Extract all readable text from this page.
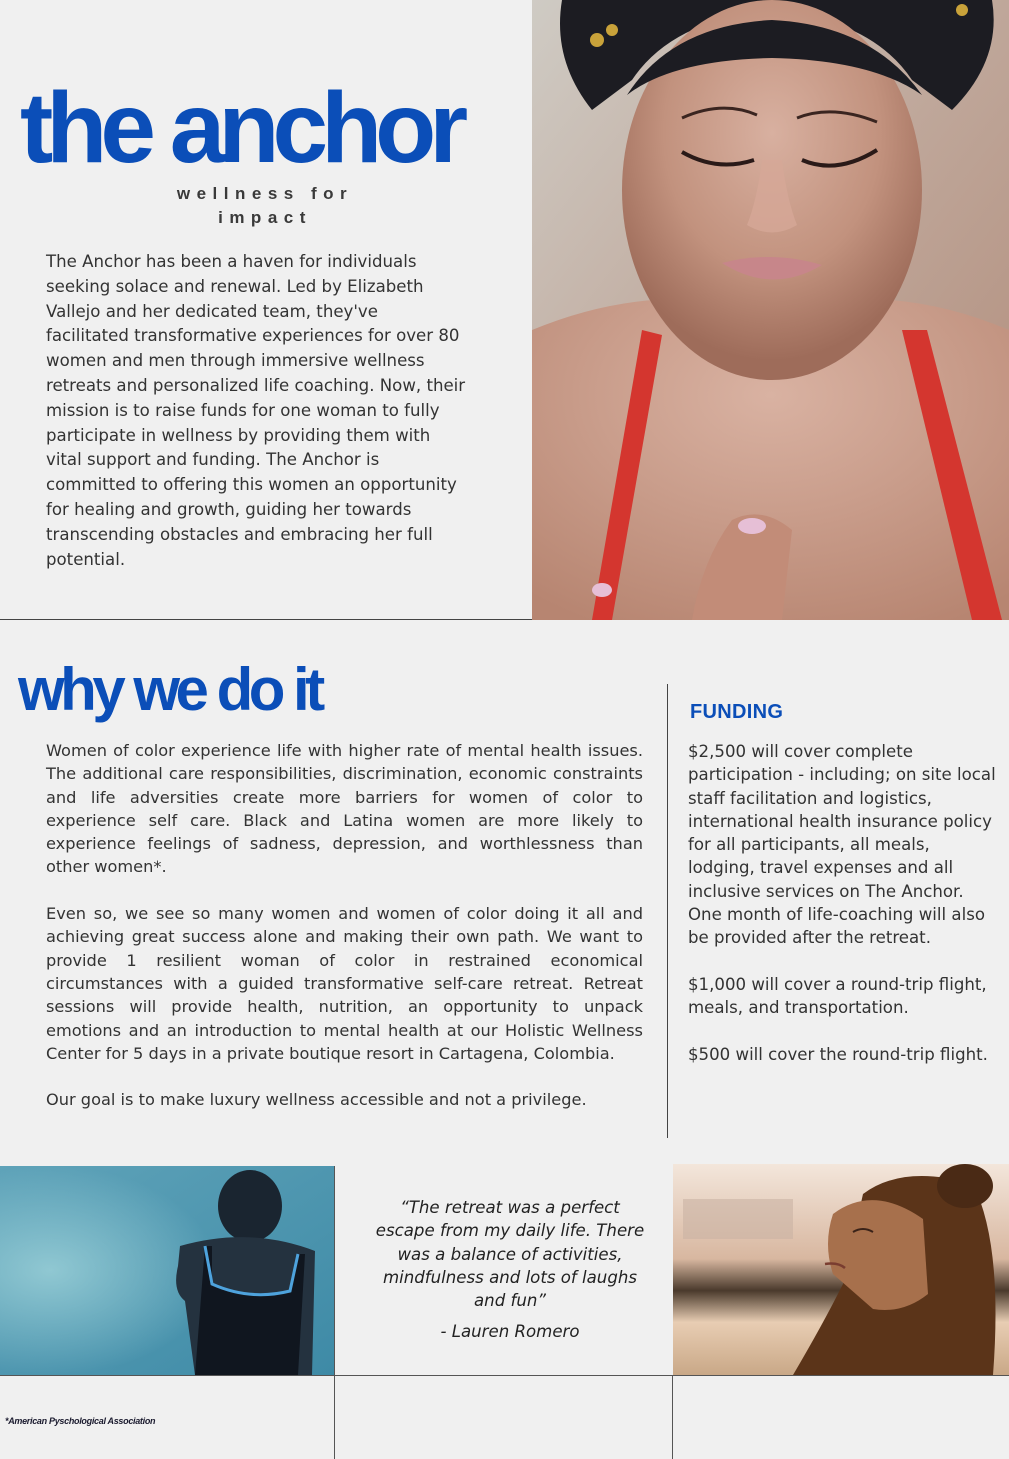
the anchor
wellness for
impact
The Anchor has been a haven for individuals seeking solace and renewal. Led by Elizabeth Vallejo and her dedicated team, they've facilitated transformative experiences for over 80 women and men through immersive wellness retreats and personalized life coaching. Now, their mission is to raise funds for one woman to fully participate in wellness by providing them with vital support and funding. The Anchor is committed to offering this women an opportunity for healing and growth, guiding her towards transcending obstacles and embracing her full potential.
why we do it

Women of color experience life with higher rate of mental health issues. The additional care responsibilities, discrimination, economic constraints and life adversities create more barriers for women of color to experience self care. Black and Latina women are more likely to experience feelings of sadness, depression, and worthlessness than other women*.

Even so, we see so many women and women of color doing it all and achieving great success alone and making their own path. We want to provide 1 resilient woman of color in restrained economical circumstances with a guided transformative self-care retreat. Retreat sessions will provide health, nutrition, an opportunity to unpack emotions and an introduction to mental health at our Holistic Wellness Center for 5 days in a private boutique resort in Cartagena, Colombia.

Our goal is to make luxury wellness accessible and not a privilege.

FUNDING

$2,500 will cover complete participation - including; on site local staff facilitation and logistics, international health insurance policy for all participants, all meals, lodging, travel expenses and all inclusive services on The Anchor. One month of life-coaching will also be provided after the retreat.

$1,000 will cover a round-trip flight, meals, and transportation.

$500 will cover the round-trip flight.

“The retreat was a perfect escape from my daily life. There was a balance of activities, mindfulness and lots of laughs and fun”
- Lauren Romero
*American Pyschological Association
